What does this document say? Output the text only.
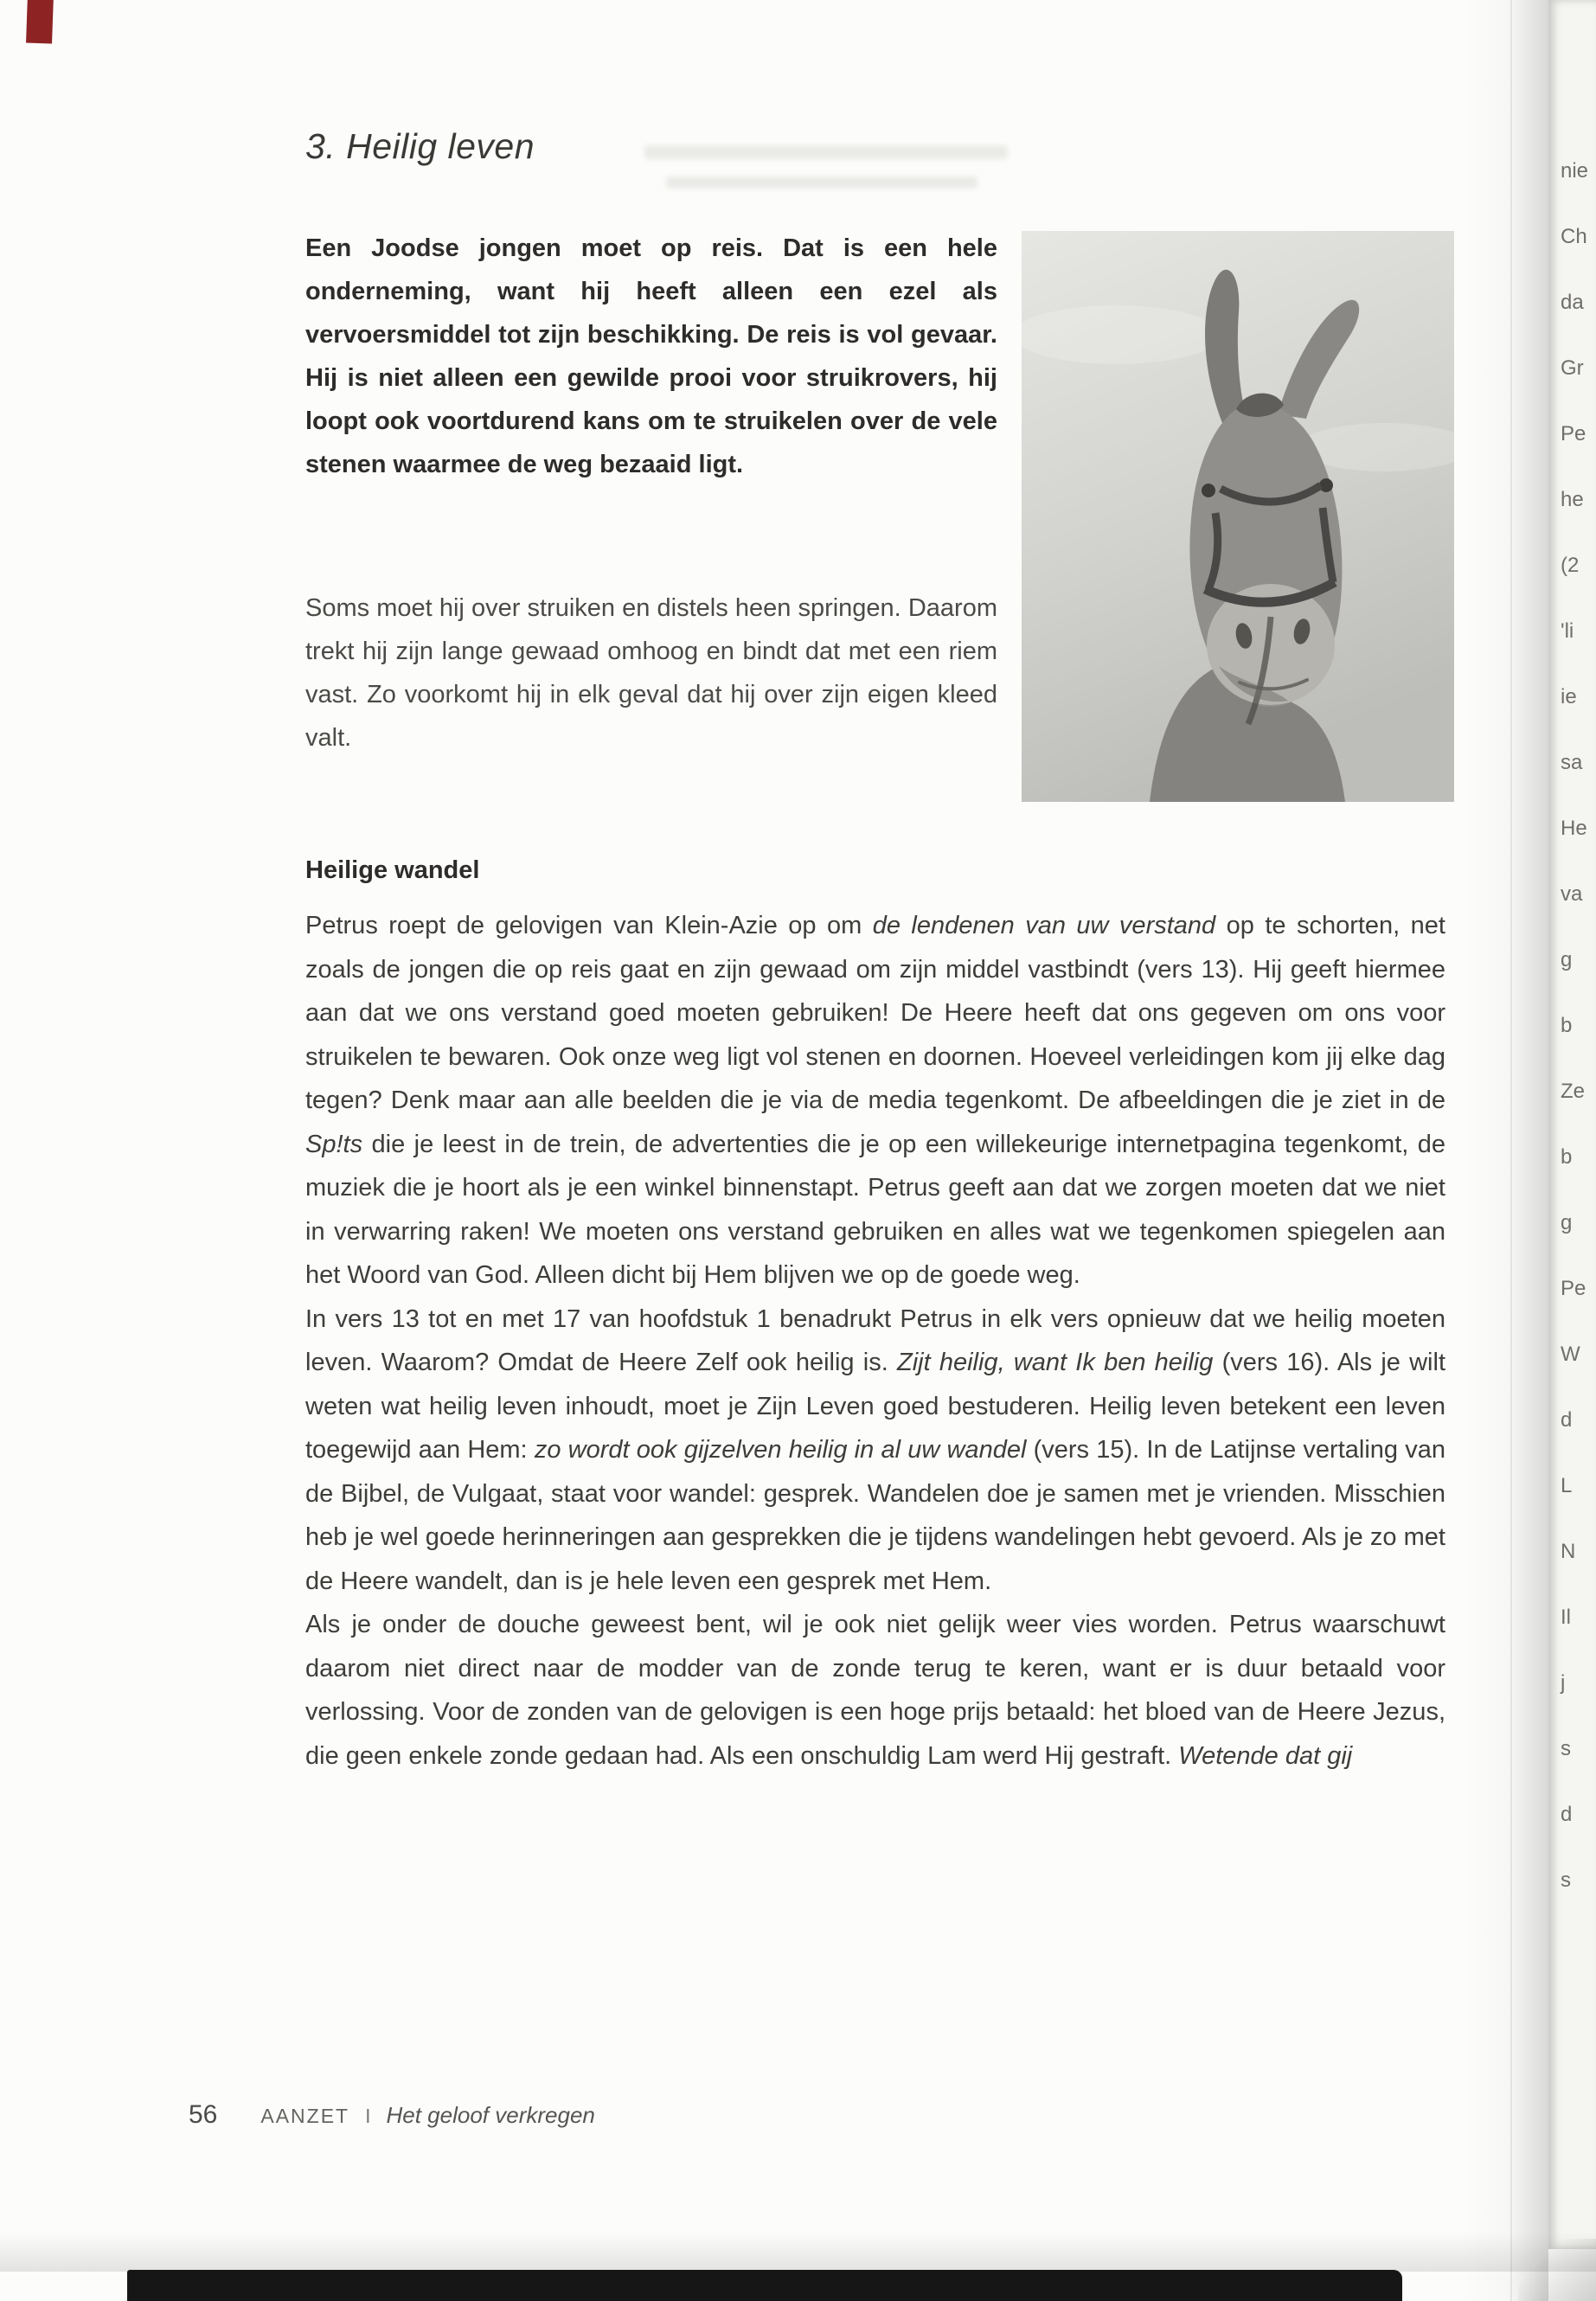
3. Heilig leven
Een Joodse jongen moet op reis. Dat is een hele onderneming, want hij heeft alleen een ezel als vervoersmiddel tot zijn beschikking. De reis is vol gevaar. Hij is niet alleen een gewilde prooi voor struikrovers, hij loopt ook voortdurend kans om te struikelen over de vele stenen waarmee de weg bezaaid ligt.
Soms moet hij over struiken en distels heen springen. Daarom trekt hij zijn lange gewaad omhoog en bindt dat met een riem vast. Zo voorkomt hij in elk geval dat hij over zijn eigen kleed valt.
Heilige wandel

Petrus roept de gelovigen van Klein-Azie op om de lendenen van uw verstand op te schorten, net zoals de jongen die op reis gaat en zijn gewaad om zijn middel vastbindt (vers 13). Hij geeft hiermee aan dat we ons verstand goed moeten gebruiken! De Heere heeft dat ons gegeven om ons voor struikelen te bewaren. Ook onze weg ligt vol stenen en doornen. Hoeveel verleidingen kom jij elke dag tegen? Denk maar aan alle beelden die je via de media tegenkomt. De afbeeldingen die je ziet in de Sp!ts die je leest in de trein, de advertenties die je op een willekeurige internetpagina tegenkomt, de muziek die je hoort als je een winkel binnenstapt. Petrus geeft aan dat we zorgen moeten dat we niet in verwarring raken! We moeten ons verstand gebruiken en alles wat we tegenkomen spiegelen aan het Woord van God. Alleen dicht bij Hem blijven we op de goede weg.

In vers 13 tot en met 17 van hoofdstuk 1 benadrukt Petrus in elk vers opnieuw dat we heilig moeten leven. Waarom? Omdat de Heere Zelf ook heilig is. Zijt heilig, want Ik ben heilig (vers 16). Als je wilt weten wat heilig leven inhoudt, moet je Zijn Leven goed bestuderen. Heilig leven betekent een leven toegewijd aan Hem: zo wordt ook gijzelven heilig in al uw wandel (vers 15). In de Latijnse vertaling van de Bijbel, de Vulgaat, staat voor wandel: gesprek. Wandelen doe je samen met je vrienden. Misschien heb je wel goede herinneringen aan gesprekken die je tijdens wandelingen hebt gevoerd. Als je zo met de Heere wandelt, dan is je hele leven een gesprek met Hem.

Als je onder de douche geweest bent, wil je ook niet gelijk weer vies worden. Petrus waarschuwt daarom niet direct naar de modder van de zonde terug te keren, want er is duur betaald voor verlossing. Voor de zonden van de gelovigen is een hoge prijs betaald: het bloed van de Heere Jezus, die geen enkele zonde gedaan had. Als een onschuldig Lam werd Hij gestraft. Wetende dat gij

56 AANZET I Het geloof verkregen
nie
Ch
da
Gr
Pe
he
(2
'li
ie
sa
He
va
g
b
Ze
b
g
Pe
W
d
L
N
Il
j
s
d
s
